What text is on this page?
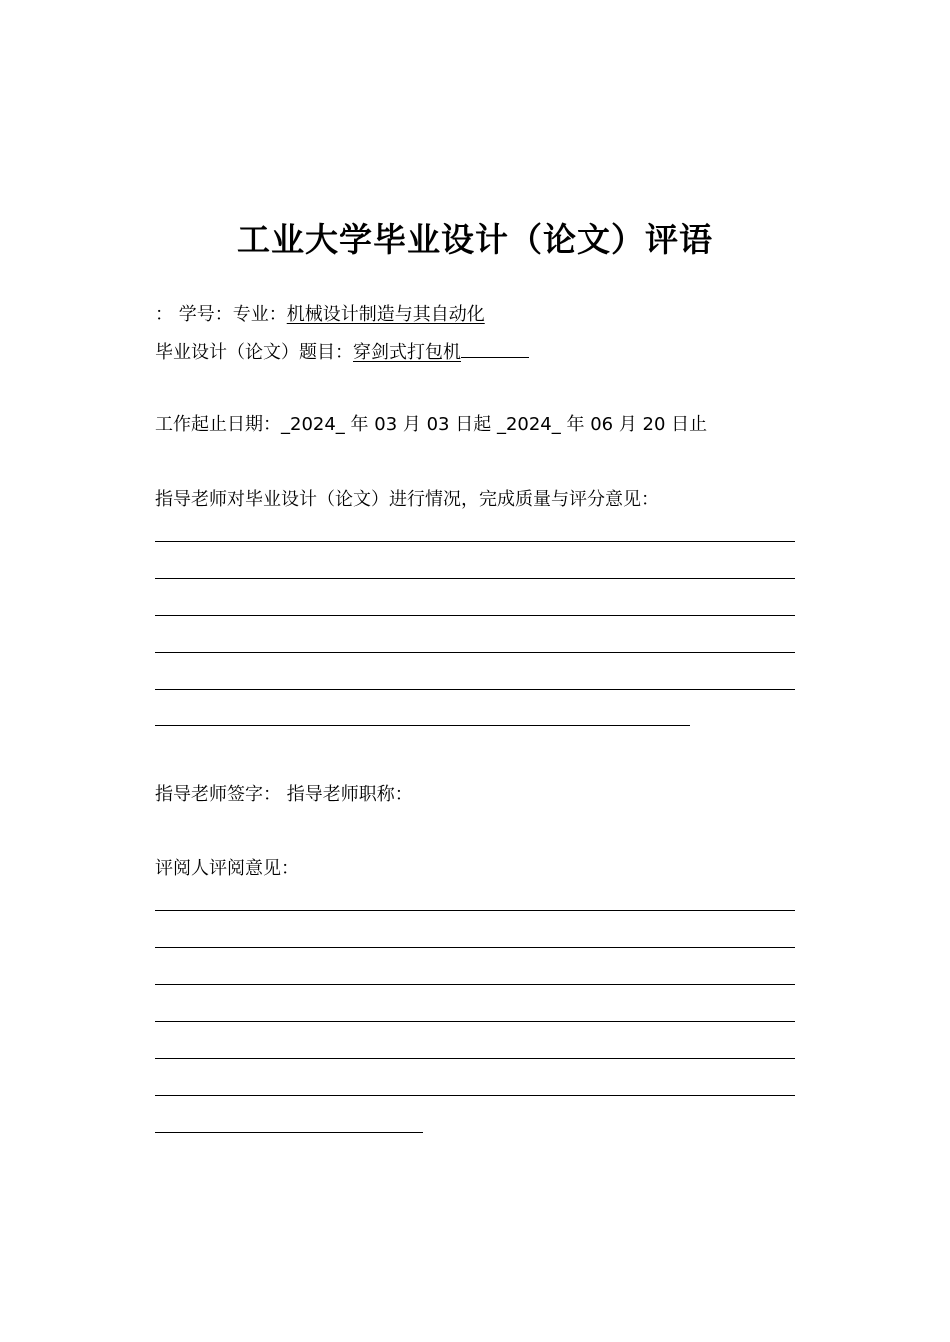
工业大学毕业设计（论文）评语
： 学号：专业：机械设计制造与其自动化
毕业设计（论文）题目：穿剑式打包机
工作起止日期：_2024_ 年 03 月 03 日起 _2024_ 年 06 月 20 日止
指导老师对毕业设计（论文）进行情况，完成质量与评分意见：
指导老师签字： 指导老师职称：
评阅人评阅意见：
